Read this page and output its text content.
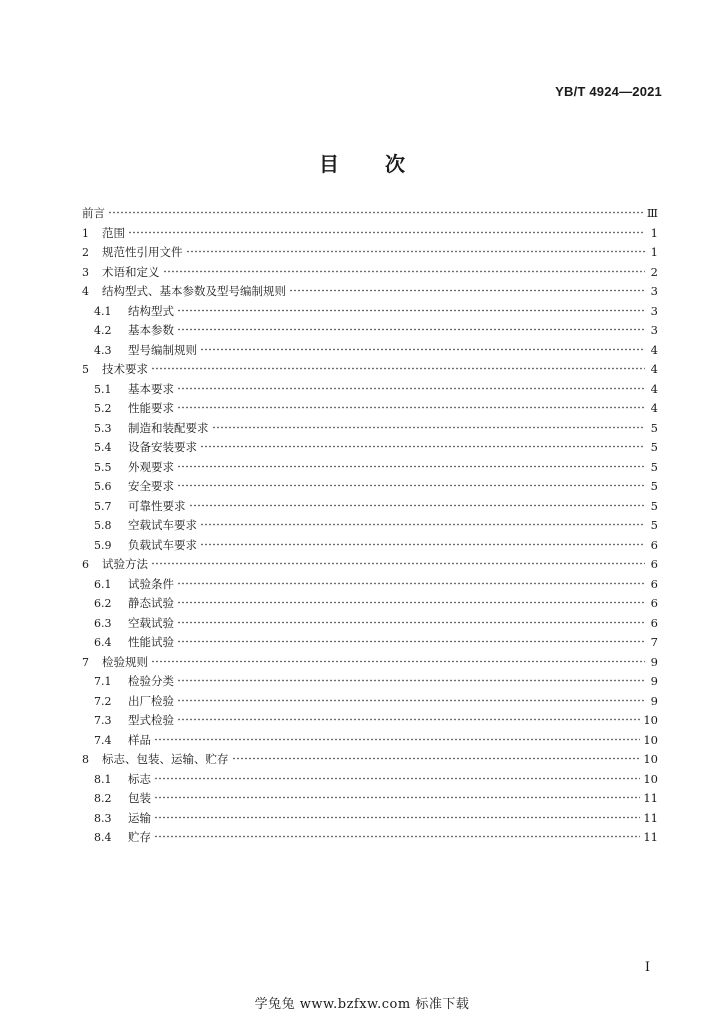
YB/T 4924—2021
目 次
前言	Ⅲ
1	范围	1
2	规范性引用文件	1
3	术语和定义	2
4	结构型式、基本参数及型号编制规则	3
4.1	结构型式	3
4.2	基本参数	3
4.3	型号编制规则	4
5	技术要求	4
5.1	基本要求	4
5.2	性能要求	4
5.3	制造和装配要求	5
5.4	设备安装要求	5
5.5	外观要求	5
5.6	安全要求	5
5.7	可靠性要求	5
5.8	空载试车要求	5
5.9	负载试车要求	6
6	试验方法	6
6.1	试验条件	6
6.2	静态试验	6
6.3	空载试验	6
6.4	性能试验	7
7	检验规则	9
7.1	检验分类	9
7.2	出厂检验	9
7.3	型式检验	10
7.4	样品	10
8	标志、包装、运输、贮存	10
8.1	标志	10
8.2	包装	11
8.3	运输	11
8.4	贮存	11
I
学兔兔 www.bzfxw.com 标准下载
